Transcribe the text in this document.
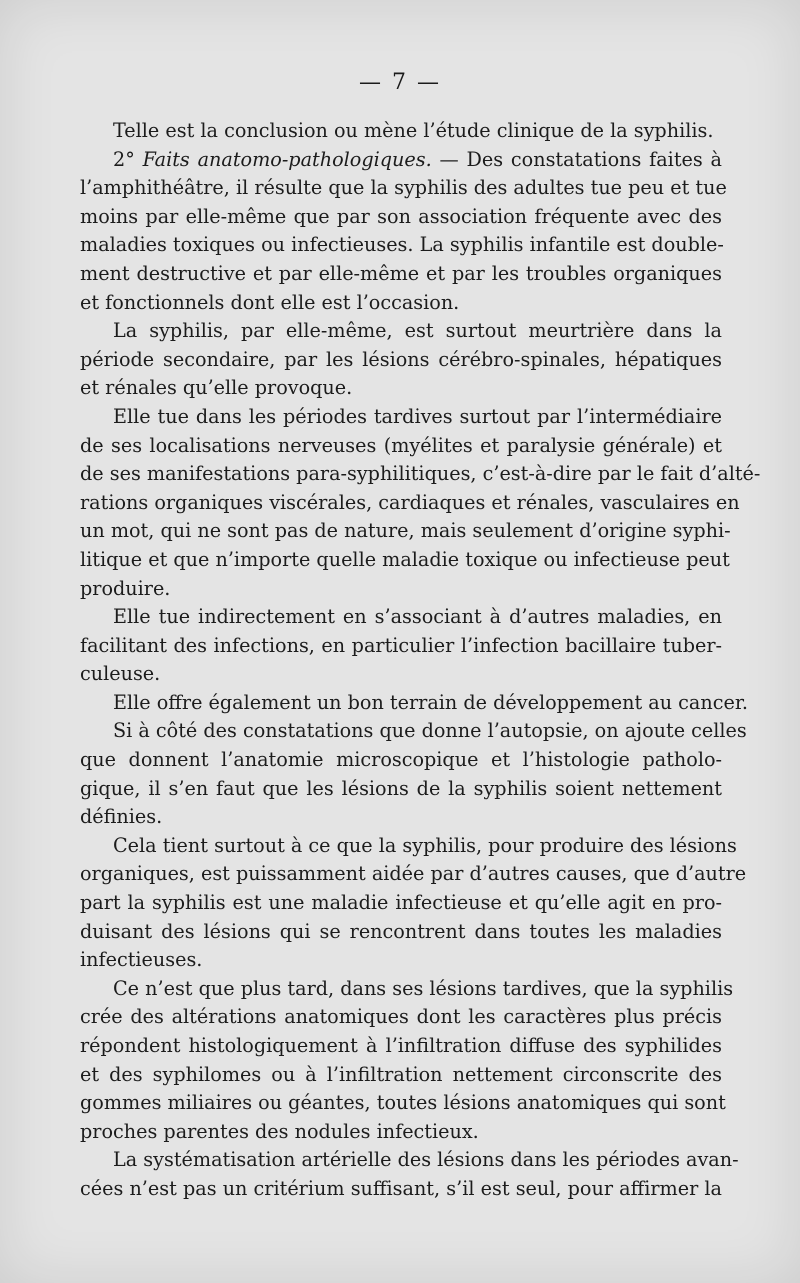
— 7 —

Telle est la conclusion ou mène l’étude clinique de la syphilis.

2° Faits anatomo-pathologiques. — Des constatations faites à
l’amphithéâtre, il résulte que la syphilis des adultes tue peu et tue
moins par elle-même que par son association fréquente avec des
maladies toxiques ou infectieuses. La syphilis infantile est double-
ment destructive et par elle-même et par les troubles organiques
et fonctionnels dont elle est l’occasion.

La syphilis, par elle-même, est surtout meurtrière dans la
période secondaire, par les lésions cérébro-spinales, hépatiques
et rénales qu’elle provoque.

Elle tue dans les périodes tardives surtout par l’intermédiaire
de ses localisations nerveuses (myélites et paralysie générale) et
de ses manifestations para-syphilitiques, c’est-à-dire par le fait d’alté-
rations organiques viscérales, cardiaques et rénales, vasculaires en
un mot, qui ne sont pas de nature, mais seulement d’origine syphi-
litique et que n’importe quelle maladie toxique ou infectieuse peut
produire.

Elle tue indirectement en s’associant à d’autres maladies, en
facilitant des infections, en particulier l’infection bacillaire tuber-
culeuse.

Elle offre également un bon terrain de développement au cancer.

Si à côté des constatations que donne l’autopsie, on ajoute celles
que donnent l’anatomie microscopique et l’histologie patholo-
gique, il s’en faut que les lésions de la syphilis soient nettement
définies.

Cela tient surtout à ce que la syphilis, pour produire des lésions
organiques, est puissamment aidée par d’autres causes, que d’autre
part la syphilis est une maladie infectieuse et qu’elle agit en pro-
duisant des lésions qui se rencontrent dans toutes les maladies
infectieuses.

Ce n’est que plus tard, dans ses lésions tardives, que la syphilis
crée des altérations anatomiques dont les caractères plus précis
répondent histologiquement à l’infiltration diffuse des syphilides
et des syphilomes ou à l’infiltration nettement circonscrite des
gommes miliaires ou géantes, toutes lésions anatomiques qui sont
proches parentes des nodules infectieux.

La systématisation artérielle des lésions dans les périodes avan-
cées n’est pas un critérium suffisant, s’il est seul, pour affirmer la
